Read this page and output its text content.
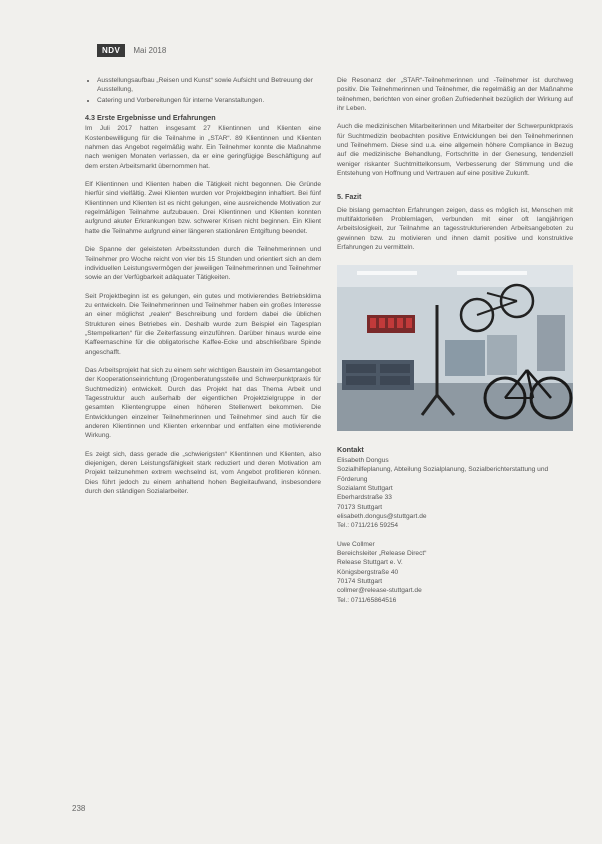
NDV	Mai 2018
• Ausstellungsaufbau „Reisen und Kunst“ sowie Aufsicht und Betreuung der Ausstellung,
• Catering und Vorbereitungen für interne Veranstaltungen.
4.3 Erste Ergebnisse und Erfahrungen

Im Juli 2017 hatten insgesamt 27 Klientinnen und Klienten eine Kostenbewilligung für die Teilnahme in „STAR“. 89 Klientinnen und Klienten nahmen das Angebot regelmäßig wahr. Ein Teilnehmer konnte die Maßnahme nach wenigen Monaten verlassen, da er eine geringfügige Beschäftigung auf dem ersten Arbeitsmarkt übernommen hat.

Elf Klientinnen und Klienten haben die Tätigkeit nicht begonnen. Die Gründe hierfür sind vielfältig. Zwei Klienten wurden vor Projektbeginn inhaftiert. Bei fünf Klientinnen und Klienten ist es nicht gelungen, eine ausreichende Motivation zur regelmäßigen Teilnahme aufzubauen. Drei Klientinnen und Klienten konnten aufgrund akuter Erkrankungen bzw. schwerer Krisen nicht beginnen. Ein Klient hatte die Teilnahme aufgrund einer längeren stationären Entgiftung beendet.

Die Spanne der geleisteten Arbeitsstunden durch die Teilnehmerinnen und Teilnehmer pro Woche reicht von vier bis 15 Stunden und orientiert sich an dem individuellen Leistungsvermögen der jeweiligen Teilnehmerinnen und Teilnehmer sowie an der Verfügbarkeit adäquater Tätigkeiten.

Seit Projektbeginn ist es gelungen, ein gutes und motivierendes Betriebsklima zu entwickeln. Die Teilnehmerinnen und Teilnehmer haben ein großes Interesse an einer möglichst „realen“ Beschreibung und fordern dabei die üblichen Strukturen eines Betriebes ein. Deshalb wurde zum Beispiel ein Tagesplan „Stempelkarten“ für die Zeiterfassung einzuführen. Darüber hinaus wurde eine Kaffeemaschine für die obligatorische Kaffee-Ecke und abschließbare Spinde angeschafft.

Das Arbeitsprojekt hat sich zu einem sehr wichtigen Baustein im Gesamtangebot der Kooperationseinrichtung (Drogenberatungsstelle und Schwerpunktpraxis für Suchtmedizin) entwickelt. Durch das Projekt hat das Thema Arbeit und Tagesstruktur auch außerhalb der eigentlichen Projektzielgruppe in der gesamten Klientengruppe einen höheren Stellenwert bekommen. Die Entwicklungen einzelner Teilnehmerinnen und Teilnehmer sind auch für die anderen Klientinnen und Klienten erkennbar und entfalten eine motivierende Wirkung.

Es zeigt sich, dass gerade die „schwierigsten“ Klientinnen und Klienten, also diejenigen, deren Leistungsfähigkeit stark reduziert und deren Motivation am Projekt teilzunehmen extrem wechselnd ist, vom Angebot profitieren können. Dies führt jedoch zu einem anhaltend hohen Begleitaufwand, insbesondere durch den ständigen Sozialarbeiter.

Die Resonanz der „STAR“-Teilnehmerinnen und -Teilnehmer ist durchweg positiv. Die Teilnehmerinnen und Teilnehmer, die regelmäßig an der Maßnahme teilnehmen, berichten von einer großen Zufriedenheit bezüglich der Wirkung auf ihr Leben.

Auch die medizinischen Mitarbeiterinnen und Mitarbeiter der Schwerpunktpraxis für Suchtmedizin beobachten positive Entwicklungen bei den Teilnehmerinnen und Teilnehmern. Diese sind u.a. eine allgemein höhere Compliance in Bezug auf die medizinische Behandlung, Fortschritte in der Genesung, tendenziell weniger riskanter Suchtmittelkonsum, Verbesserung der Stimmung und die Entstehung von Hoffnung und Vertrauen auf eine positive Zukunft.

5. Fazit

Die bislang gemachten Erfahrungen zeigen, dass es möglich ist, Menschen mit multifaktoriellen Problemlagen, verbunden mit einer oft langjährigen Arbeitslosigkeit, zur Teilnahme an tagesstrukturierenden Arbeitsangeboten zu gewinnen bzw. zu motivieren und ihnen damit positive und konstruktive Erfahrungen zu vermitteln.

Kontakt
Elisabeth Dongus
Sozialhilfeplanung, Abteilung Sozialplanung, Sozialberichterstattung und Förderung
Sozialamt Stuttgart
Eberhardstraße 33
70173 Stuttgart
elisabeth.dongus@stuttgart.de
Tel.: 0711/216 59254
Uwe Collmer
Bereichsleiter „Release Direct“
Release Stuttgart e. V.
Königsbergstraße 40
70174 Stuttgart
collmer@release-stuttgart.de
Tel.: 0711/65864516
238
